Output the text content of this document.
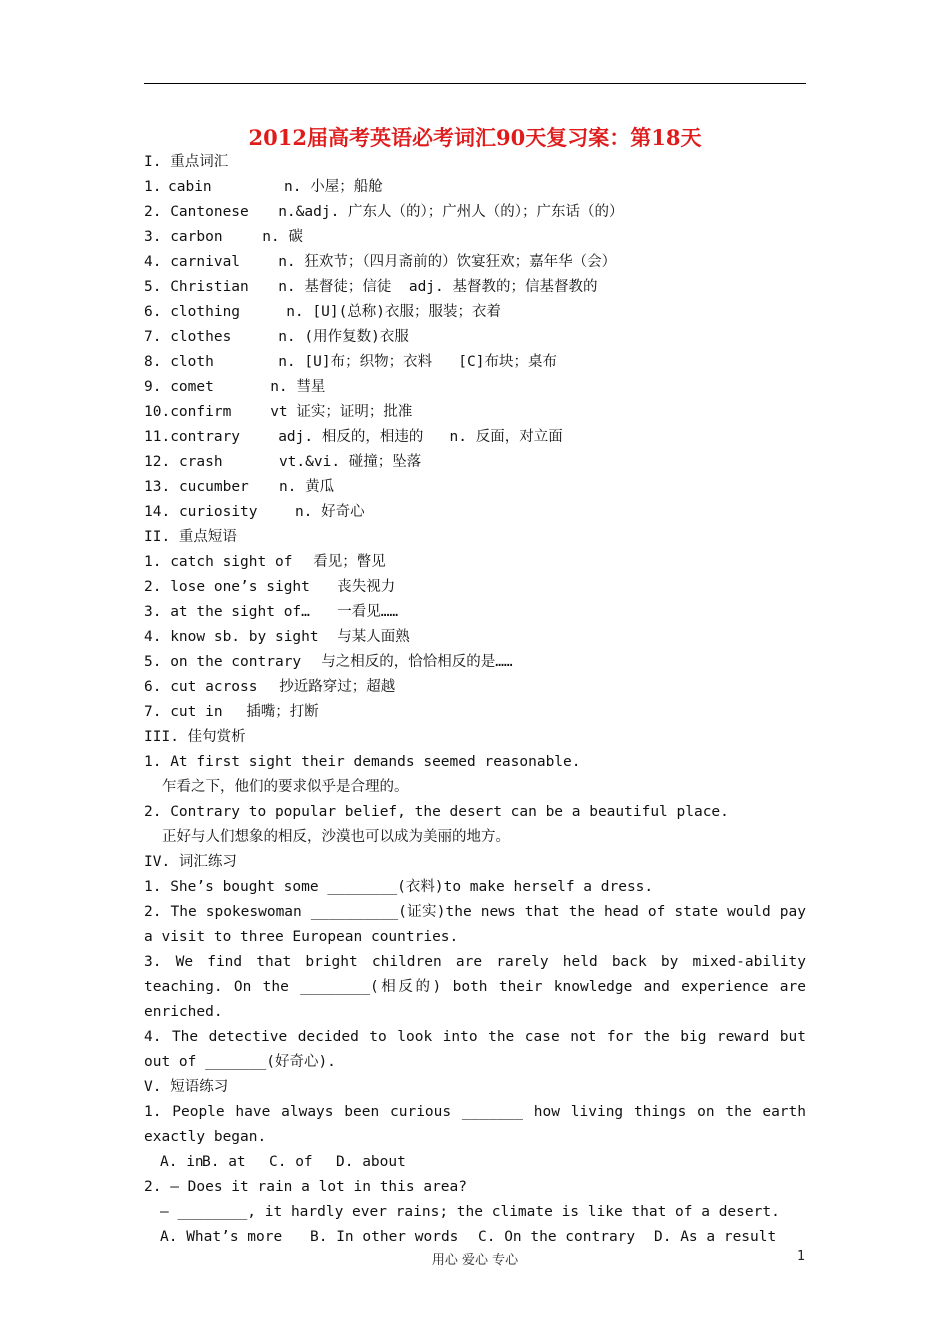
2012届高考英语必考词汇90天复习案：第18天
I. 重点词汇
1. cabin	n. 小屋；船舱
2. Cantonese n.&adj. 广东人（的）；广州人（的）；广东话（的）
3. carbon	n. 碳
4. carnival	n. 狂欢节；（四月斋前的）饮宴狂欢；嘉年华（会）
5. Christian n. 基督徒；信徒  adj. 基督教的；信基督教的
6. clothing	n. [U](总称)衣服；服装；衣着
7. clothes	n. (用作复数)衣服
8. cloth	n. [U]布；织物；衣料   [C]布块；桌布
9. comet	n. 彗星
10.confirm	vt 证实；证明；批准
11.contrary	adj. 相反的，相违的   n. 反面，对立面
12. crash	vt.&vi. 碰撞；坠落
13. cucumber n. 黄瓜
14. curiosity	n. 好奇心
II. 重点短语
1. catch sight of 看见；瞥见
2. lose one’s sight 丧失视力
3. at the sight of… 一看见……
4. know sb. by sight 与某人面熟
5. on the contrary 与之相反的，恰恰相反的是……
6. cut across 抄近路穿过；超越
7. cut in 插嘴；打断
III. 佳句赏析
1. At first sight their demands seemed reasonable.
乍看之下，他们的要求似乎是合理的。
2. Contrary to popular belief, the desert can be a beautiful place.
正好与人们想象的相反，沙漠也可以成为美丽的地方。
IV. 词汇练习
1. She’s bought some ________(衣料)to make herself a dress.
2. The spokeswoman __________(证实)the news that the head of state would pay a visit to three European countries.
3. We find that bright children are rarely held back by mixed-ability teaching. On the ________(相反的) both their knowledge and experience are enriched.
4. The detective decided to look into the case not for the big reward but out of _______(好奇心).
V. 短语练习
1. People have always been curious _______ how living things on the earth exactly began.
A. inB. at C. of D. about
2. – Does it rain a lot in this area?
– ________, it hardly ever rains; the climate is like that of a desert.
A. What’s more B. In other words C. On the contrary D. As a result
用心 爱心 专心	1
